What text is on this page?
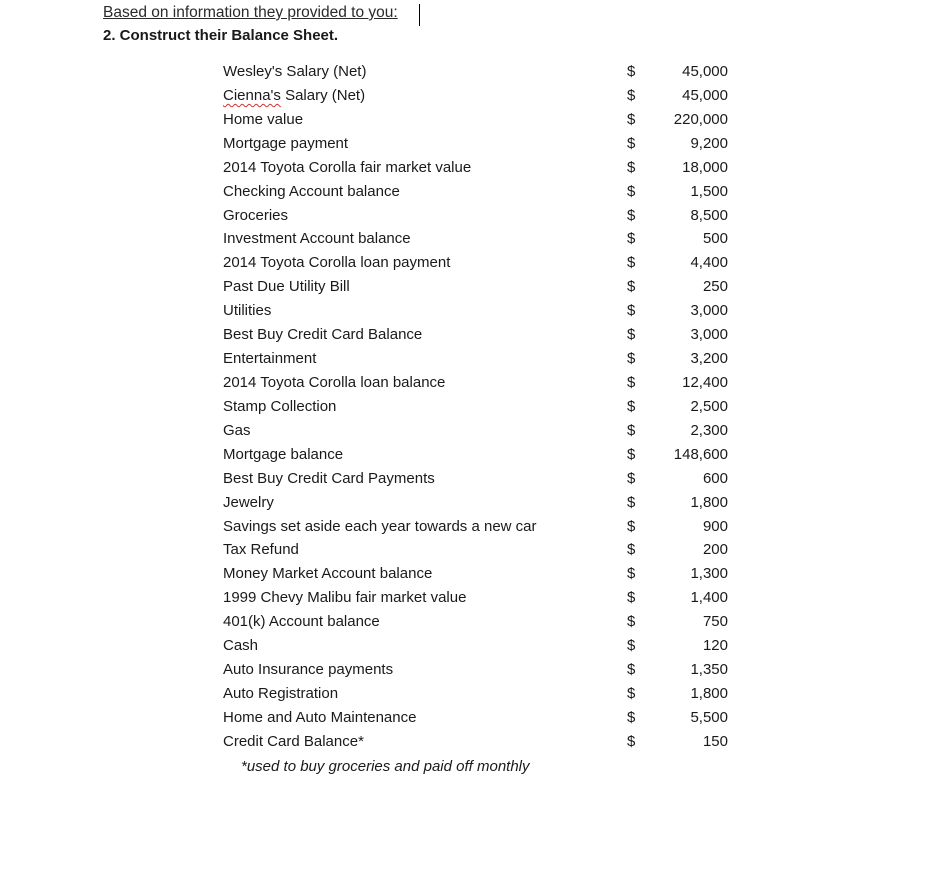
Based on information they provided to you:
2. Construct their Balance Sheet.
Wesley's Salary (Net)	$	45,000
Cienna's Salary (Net)	$	45,000
Home value	$	220,000
Mortgage payment	$	9,200
2014 Toyota Corolla fair market value	$	18,000
Checking Account balance	$	1,500
Groceries	$	8,500
Investment Account balance	$	500
2014 Toyota Corolla loan payment	$	4,400
Past Due Utility Bill	$	250
Utilities	$	3,000
Best Buy Credit Card Balance	$	3,000
Entertainment	$	3,200
2014 Toyota Corolla loan balance	$	12,400
Stamp Collection	$	2,500
Gas	$	2,300
Mortgage balance	$	148,600
Best Buy Credit Card Payments	$	600
Jewelry	$	1,800
Savings set aside each year towards a new car	$	900
Tax Refund	$	200
Money Market Account balance	$	1,300
1999 Chevy Malibu fair market value	$	1,400
401(k) Account balance	$	750
Cash	$	120
Auto Insurance payments	$	1,350
Auto Registration	$	1,800
Home and Auto Maintenance	$	5,500
Credit Card Balance*	$	150
*used to buy groceries and paid off monthly
